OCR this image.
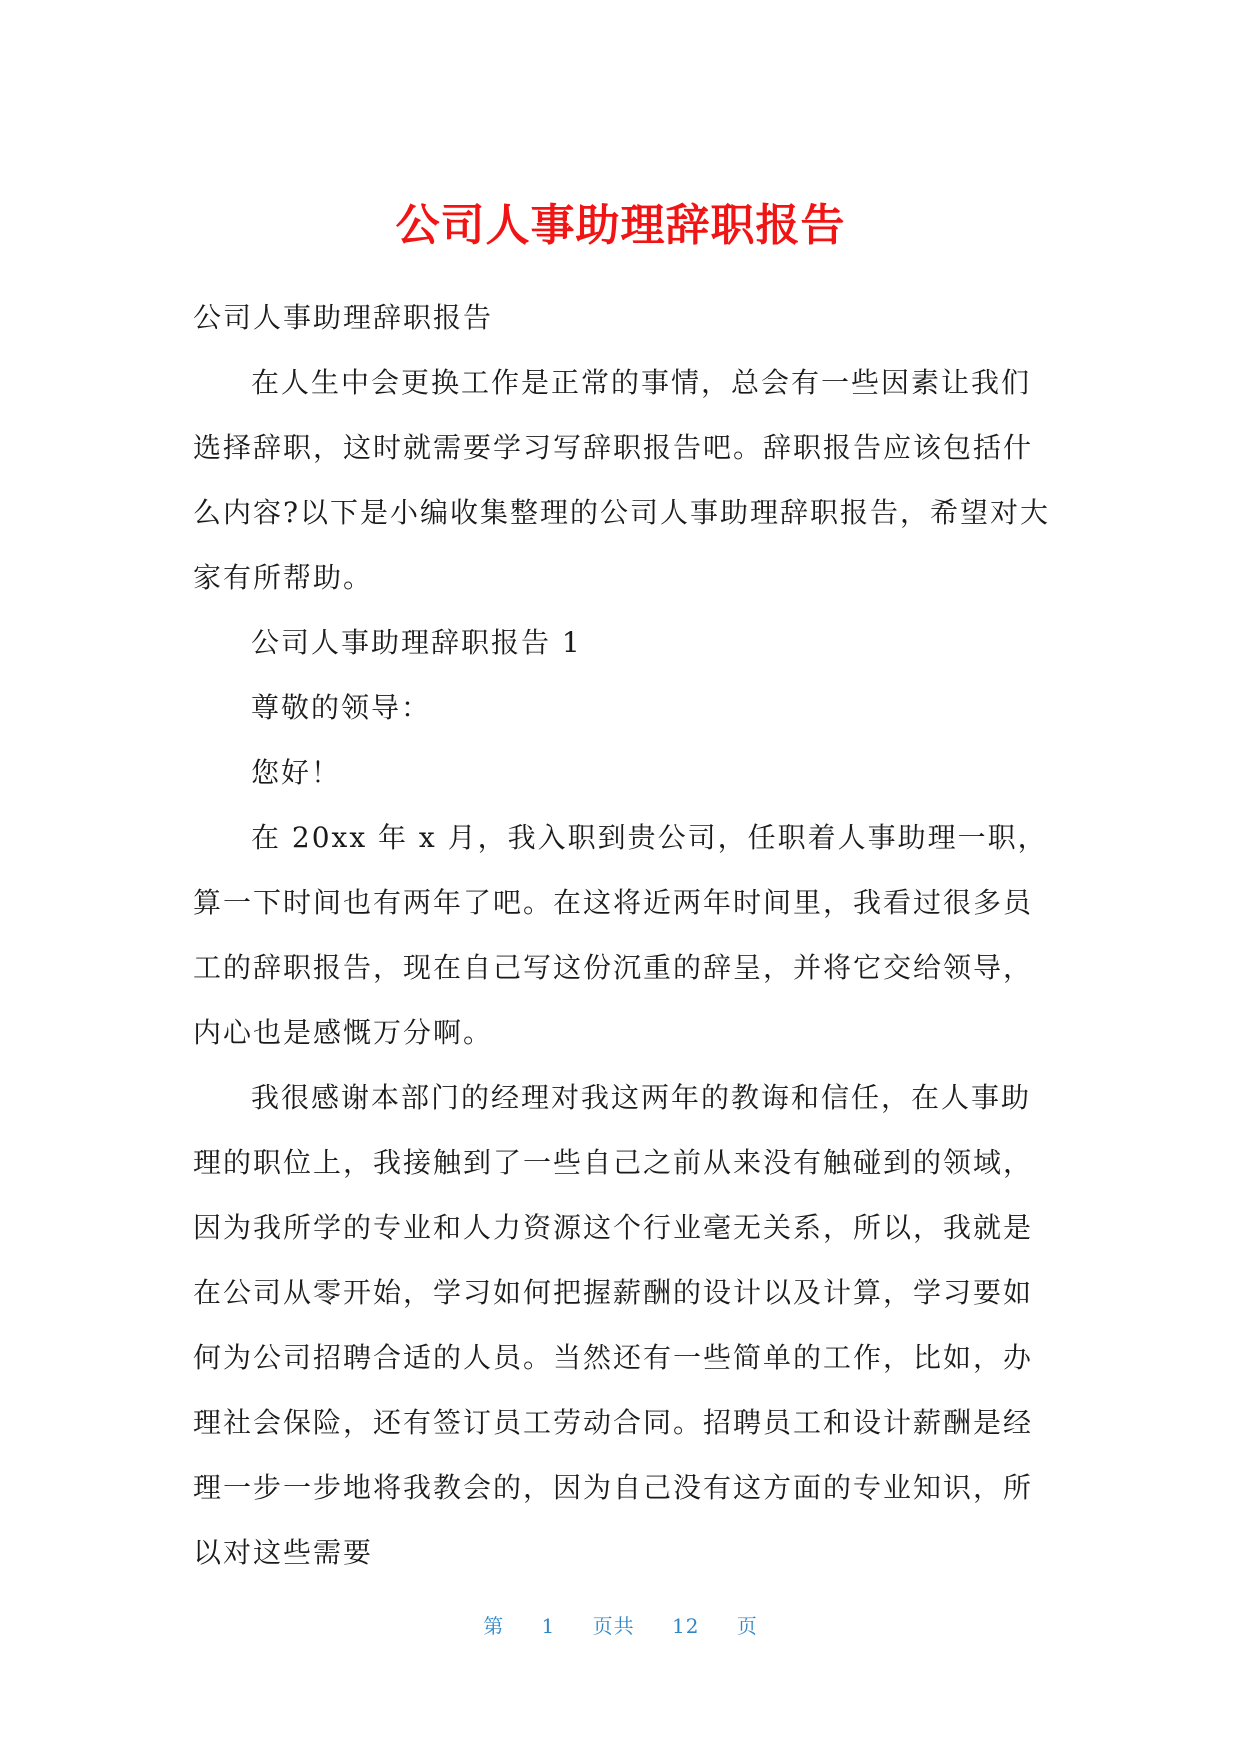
公司人事助理辞职报告

公司人事助理辞职报告

在人生中会更换工作是正常的事情，总会有一些因素让我们选择辞职，这时就需要学习写辞职报告吧。辞职报告应该包括什么内容?以下是小编收集整理的公司人事助理辞职报告，希望对大家有所帮助。

公司人事助理辞职报告 1

尊敬的领导：

您好！

在 20xx 年 x 月，我入职到贵公司，任职着人事助理一职，算一下时间也有两年了吧。在这将近两年时间里，我看过很多员工的辞职报告，现在自己写这份沉重的辞呈，并将它交给领导，内心也是感慨万分啊。

我很感谢本部门的经理对我这两年的教诲和信任，在人事助理的职位上，我接触到了一些自己之前从来没有触碰到的领域，因为我所学的专业和人力资源这个行业毫无关系，所以，我就是在公司从零开始，学习如何把握薪酬的设计以及计算，学习要如何为公司招聘合适的人员。当然还有一些简单的工作，比如，办理社会保险，还有签订员工劳动合同。招聘员工和设计薪酬是经理一步一步地将我教会的，因为自己没有这方面的专业知识，所以对这些需要

第 1 页共 12 页
